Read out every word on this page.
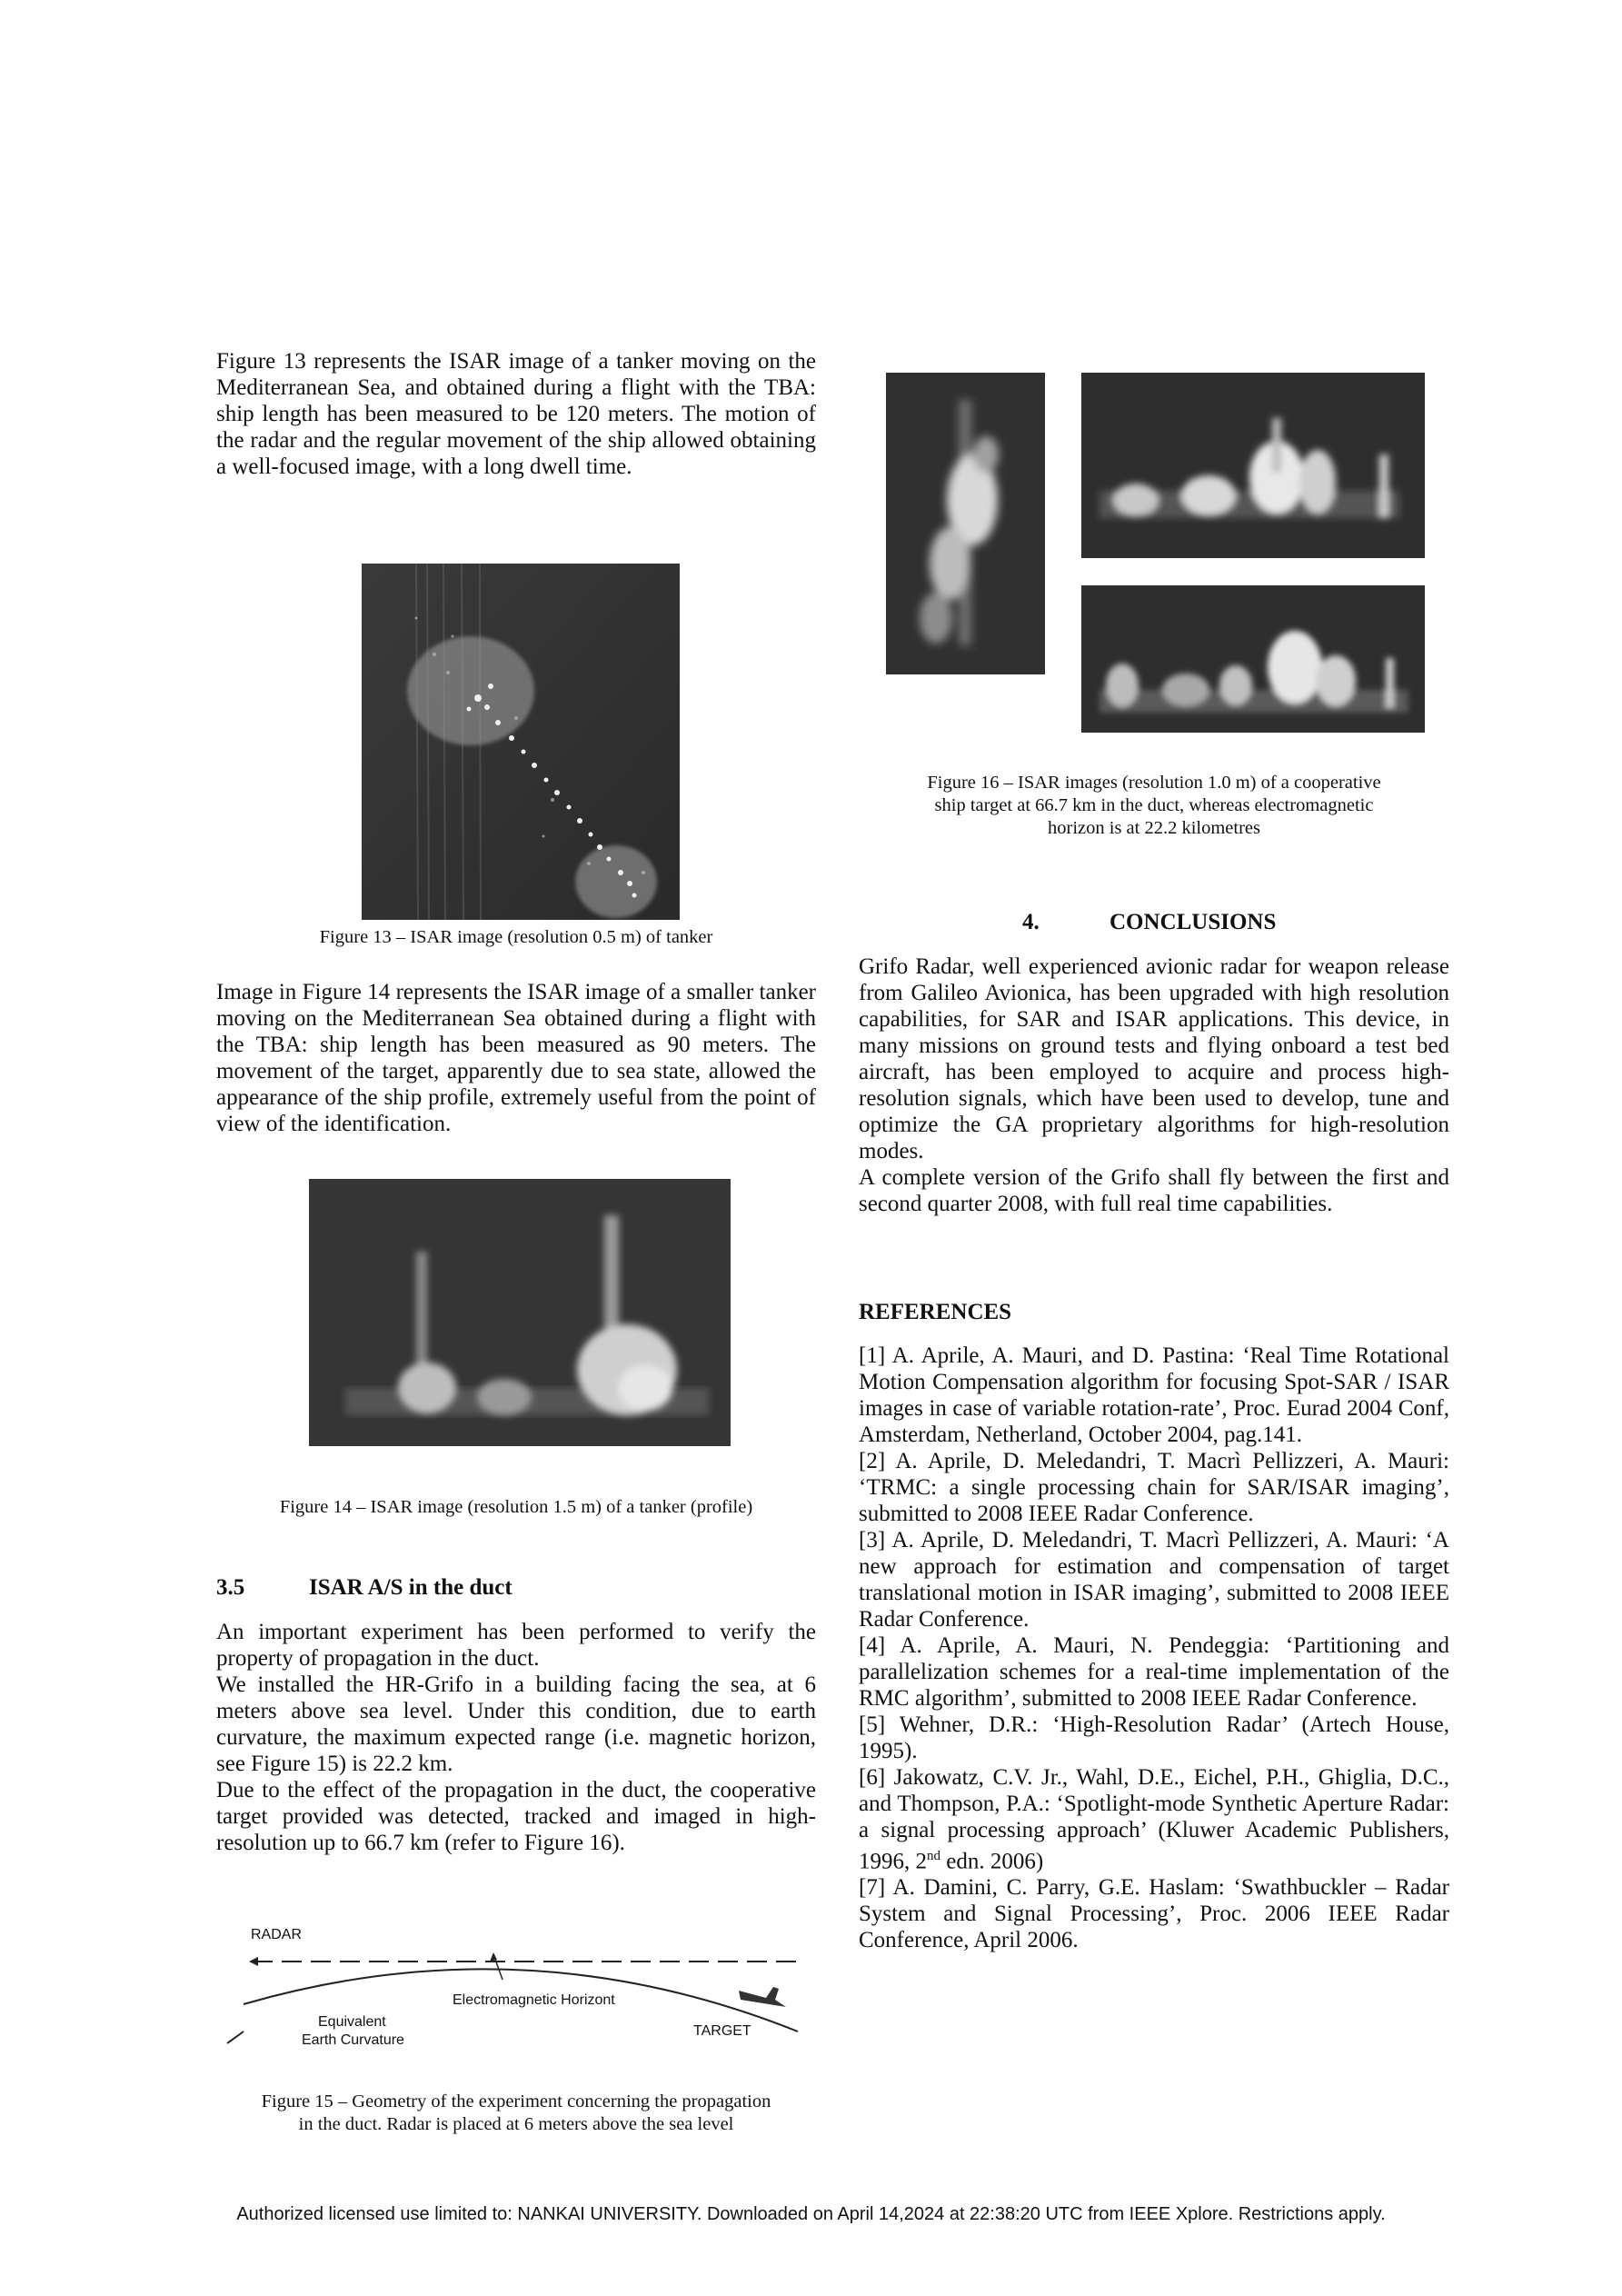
Figure 13 represents the ISAR image of a tanker moving on the Mediterranean Sea, and obtained during a flight with the TBA: ship length has been measured to be 120 meters. The motion of the radar and the regular movement of the ship allowed obtaining a well-focused image, with a long dwell time.

Figure 13 – ISAR image (resolution 0.5 m) of tanker

Image in Figure 14 represents the ISAR image of a smaller tanker moving on the Mediterranean Sea obtained during a flight with the TBA: ship length has been measured as 90 meters. The movement of the target, apparently due to sea state, allowed the appearance of the ship profile, extremely useful from the point of view of the identification.

Figure 14 – ISAR image (resolution 1.5 m) of a tanker (profile)
3.5	ISAR A/S in the duct

An important experiment has been performed to verify the property of propagation in the duct.

We installed the HR-Grifo in a building facing the sea, at 6 meters above sea level. Under this condition, due to earth curvature, the maximum expected range (i.e. magnetic horizon, see Figure 15) is 22.2 km.

Due to the effect of the propagation in the duct, the cooperative target provided was detected, tracked and imaged in high-resolution up to 66.7 km (refer to Figure 16).

RADAR
Electromagnetic Horizont
Equivalent
Earth Curvature
TARGET
Figure 15 – Geometry of the experiment concerning the propagation
in the duct. Radar is placed at 6 meters above the sea level
Figure 16 – ISAR images (resolution 1.0 m) of a cooperative
ship target at 66.7 km in the duct, whereas electromagnetic
horizon is at 22.2 kilometres
4.	CONCLUSIONS

Grifo Radar, well experienced avionic radar for weapon release from Galileo Avionica, has been upgraded with high resolution capabilities, for SAR and ISAR applications. This device, in many missions on ground tests and flying onboard a test bed aircraft, has been employed to acquire and process high-resolution signals, which have been used to develop, tune and optimize the GA proprietary algorithms for high-resolution modes.

A complete version of the Grifo shall fly between the first and second quarter 2008, with full real time capabilities.

REFERENCES

[1] A. Aprile, A. Mauri, and D. Pastina: ‘Real Time Rotational Motion Compensation algorithm for focusing Spot-SAR / ISAR images in case of variable rotation-rate’, Proc. Eurad 2004 Conf, Amsterdam, Netherland, October 2004, pag.141.

[2] A. Aprile, D. Meledandri, T. Macrì Pellizzeri, A. Mauri: ‘TRMC: a single processing chain for SAR/ISAR imaging’, submitted to 2008 IEEE Radar Conference.

[3] A. Aprile, D. Meledandri, T. Macrì Pellizzeri, A. Mauri: ‘A new approach for estimation and compensation of target translational motion in ISAR imaging’, submitted to 2008 IEEE Radar Conference.

[4] A. Aprile, A. Mauri, N. Pendeggia: ‘Partitioning and parallelization schemes for a real-time implementation of the RMC algorithm’, submitted to 2008 IEEE Radar Conference.

[5] Wehner, D.R.: ‘High-Resolution Radar’ (Artech House, 1995).

[6] Jakowatz, C.V. Jr., Wahl, D.E., Eichel, P.H., Ghiglia, D.C., and Thompson, P.A.: ‘Spotlight-mode Synthetic Aperture Radar: a signal processing approach’ (Kluwer Academic Publishers, 1996, 2nd edn. 2006)

[7] A. Damini, C. Parry, G.E. Haslam: ‘Swathbuckler – Radar System and Signal Processing’, Proc. 2006 IEEE Radar Conference, April 2006.

Authorized licensed use limited to: NANKAI UNIVERSITY. Downloaded on April 14,2024 at 22:38:20 UTC from IEEE Xplore. Restrictions apply.
